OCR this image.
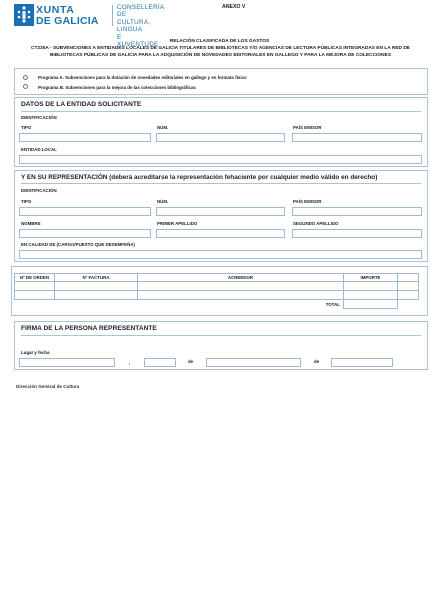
XUNTA
DE GALICIA
CONSELLERÍA DE
CULTURA, LINGUA
E XUVENTUDE
ANEXO V
RELACIÓN CLASIFICADA DE LOS GASTOS
CT235A - SUBVENCIONES A ENTIDADES LOCALES DE GALICIA TITULARES DE BIBLIOTECAS Y/O AGENCIAS DE LECTURA PÚBLICAS INTEGRADAS EN LA RED DE
BIBLIOTECAS PÚBLICAS DE GALICIA PARA LA ADQUISICIÓN DE NOVEDADES EDITORIALES EN GALLEGO Y PARA LA MEJORA DE COLECCIONES
Programa A. Subvenciones para la dotación de novedades editoriales en gallego y en formato físico
Programa B. Subvenciones para la mejora de las colecciones bibliográficas
DATOS DE LA ENTIDAD SOLICITANTE
IDENTIFICACIÓN
TIPO	NÚM.	PAÍS EMISOR
ENTIDAD LOCAL
Y EN SU REPRESENTACIÓN (deberá acreditarse la representación fehaciente por cualquier medio válido en derecho)
IDENTIFICACIÓN
TIPO	NÚM.	PAÍS EMISOR
NOMBRE	PRIMER APELLIDO	SEGUNDO APELLIDO
EN CALIDAD DE (CARGO/PUESTO QUE DESEMPEÑA)
Nº DE ORDEN	Nº FACTURA	ACREEDOR	IMPORTE	

TOTAL				
FIRMA DE LA PERSONA REPRESENTANTE
Lugar y fecha
,	de	de
Dirección General de Cultura
